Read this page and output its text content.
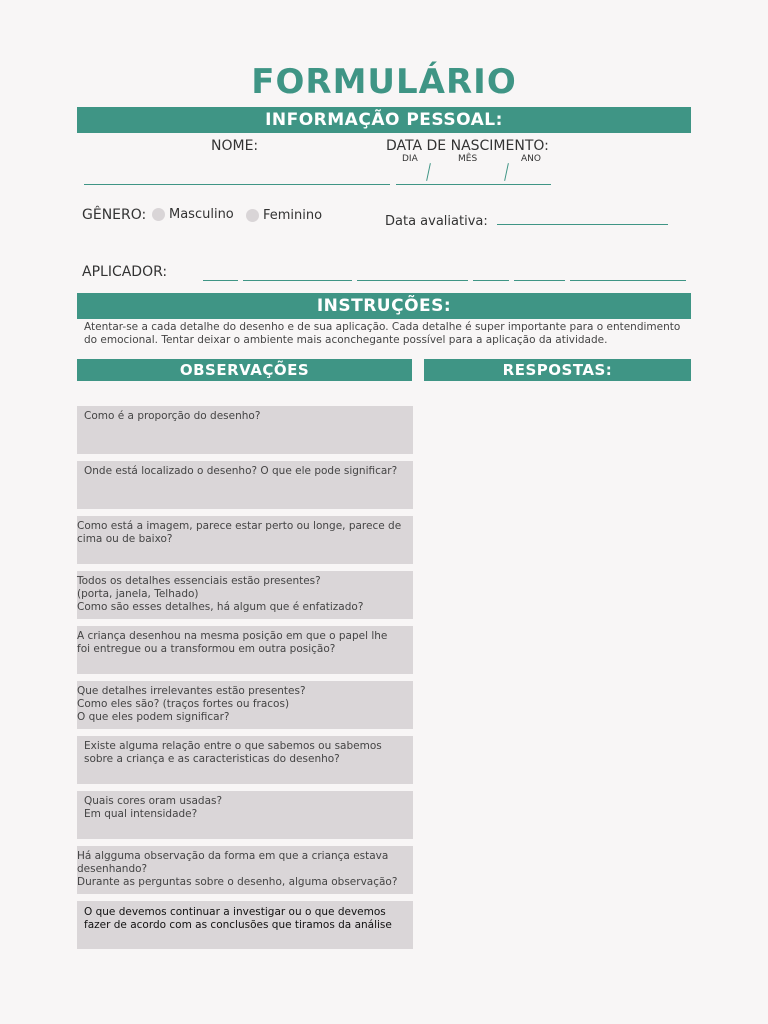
FORMULÁRIO
INFORMAÇÃO PESSOAL:
NOME:	DATA DE NASCIMENTO:
DIA	MÊS	ANO
GÊNERO:	Masculino	Feminino	Data avaliativa:
APLICADOR:
INSTRUÇÕES:
Atentar-se a cada detalhe do desenho e de sua aplicação. Cada detalhe é super importante para o entendimento
do emocional. Tentar deixar o ambiente mais aconchegante possível para a aplicação da atividade.
OBSERVAÇÕES	RESPOSTAS:
Como é a proporção do desenho?
Onde está localizado o desenho? O que ele pode significar?
Como está a imagem, parece estar perto ou longe, parece de
cima ou de baixo?
Todos os detalhes essenciais estão presentes?
(porta, janela, Telhado)
Como são esses detalhes, há algum que é enfatizado?
A criança desenhou na mesma posição em que o papel lhe
foi entregue ou a transformou em outra posição?
Que detalhes irrelevantes estão presentes?
Como eles são? (traços fortes ou fracos)
O que eles podem significar?
Existe alguma relação entre o que sabemos ou sabemos
sobre a criança e as caracteristicas do desenho?
Quais cores oram usadas?
Em qual intensidade?
Há algguma observação da forma em que a criança estava
desenhando?
Durante as perguntas sobre o desenho, alguma observação?
O que devemos continuar a investigar ou o que devemos
fazer de acordo com as conclusões que tiramos da análise
